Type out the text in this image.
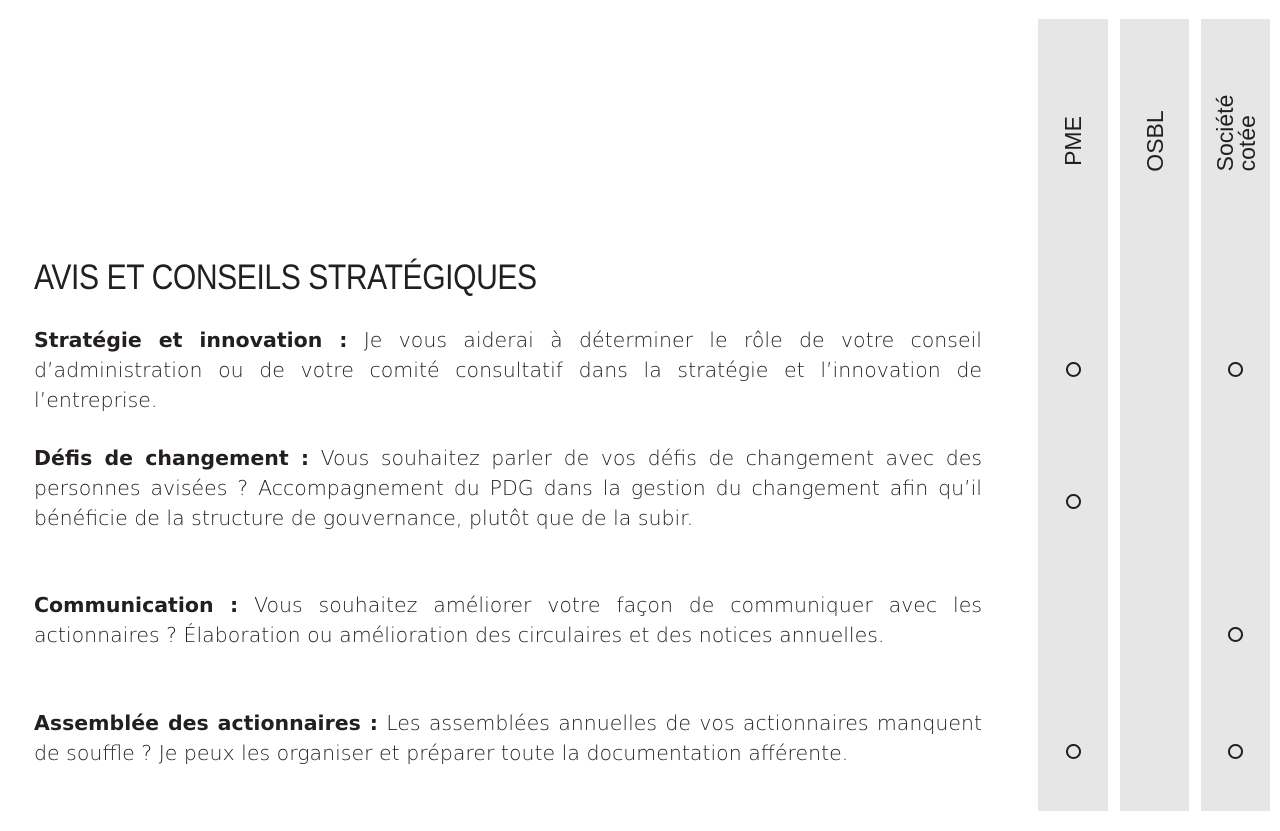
AVIS ET CONSEILS STRATÉGIQUES

Stratégie et innovation : Je vous aiderai à déterminer le rôle de votre conseil d’administration ou de votre comité consultatif dans la stratégie et l’innovation de l’entreprise.

Défis de changement : Vous souhaitez parler de vos défis de changement avec des personnes avisées ? Accompagnement du PDG dans la gestion du changement afin qu’il bénéficie de la structure de gouvernance, plutôt que de la subir.

Communication : Vous souhaitez améliorer votre façon de communiquer avec les actionnaires ? Élaboration ou amélioration des circulaires et des notices annuelles.

Assemblée des actionnaires : Les assemblées annuelles de vos actionnaires manquent de souffle ? Je peux les organiser et préparer toute la documentation afférente.

PME OSBL Société
cotée
